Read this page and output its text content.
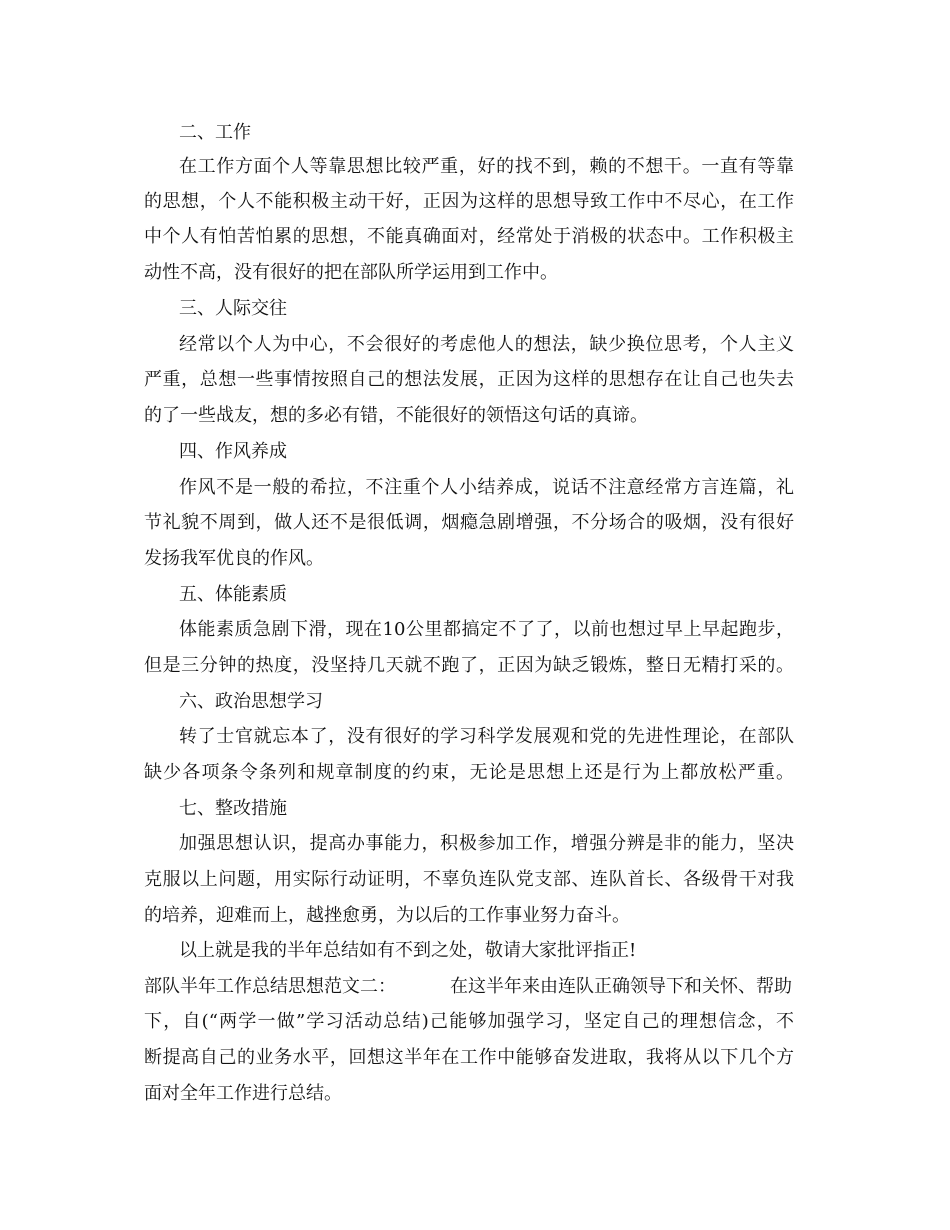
二、工作
在工作方面个人等靠思想比较严重，好的找不到，赖的不想干。一直有等靠
的思想，个人不能积极主动干好，正因为这样的思想导致工作中不尽心，在工作
中个人有怕苦怕累的思想，不能真确面对，经常处于消极的状态中。工作积极主
动性不高，没有很好的把在部队所学运用到工作中。
三、人际交往
经常以个人为中心，不会很好的考虑他人的想法，缺少换位思考，个人主义
严重，总想一些事情按照自己的想法发展，正因为这样的思想存在让自己也失去
的了一些战友，想的多必有错，不能很好的领悟这句话的真谛。
四、作风养成
作风不是一般的希拉，不注重个人小结养成，说话不注意经常方言连篇，礼
节礼貌不周到，做人还不是很低调，烟瘾急剧增强，不分场合的吸烟，没有很好
发扬我军优良的作风。
五、体能素质
体能素质急剧下滑，现在10公里都搞定不了了，以前也想过早上早起跑步，
但是三分钟的热度，没坚持几天就不跑了，正因为缺乏锻炼，整日无精打采的。
六、政治思想学习
转了士官就忘本了，没有很好的学习科学发展观和党的先进性理论，在部队
缺少各项条令条列和规章制度的约束，无论是思想上还是行为上都放松严重。
七、整改措施
加强思想认识，提高办事能力，积极参加工作，增强分辨是非的能力，坚决
克服以上问题，用实际行动证明，不辜负连队党支部、连队首长、各级骨干对我
的培养，迎难而上，越挫愈勇，为以后的工作事业努力奋斗。
以上就是我的半年总结如有不到之处，敬请大家批评指正!
部队半年工作总结思想范文二：	在这半年来由连队正确领导下和关怀、帮助
下，自(“两学一做”学习活动总结)己能够加强学习，坚定自己的理想信念，不
断提高自己的业务水平，回想这半年在工作中能够奋发进取，我将从以下几个方
面对全年工作进行总结。
